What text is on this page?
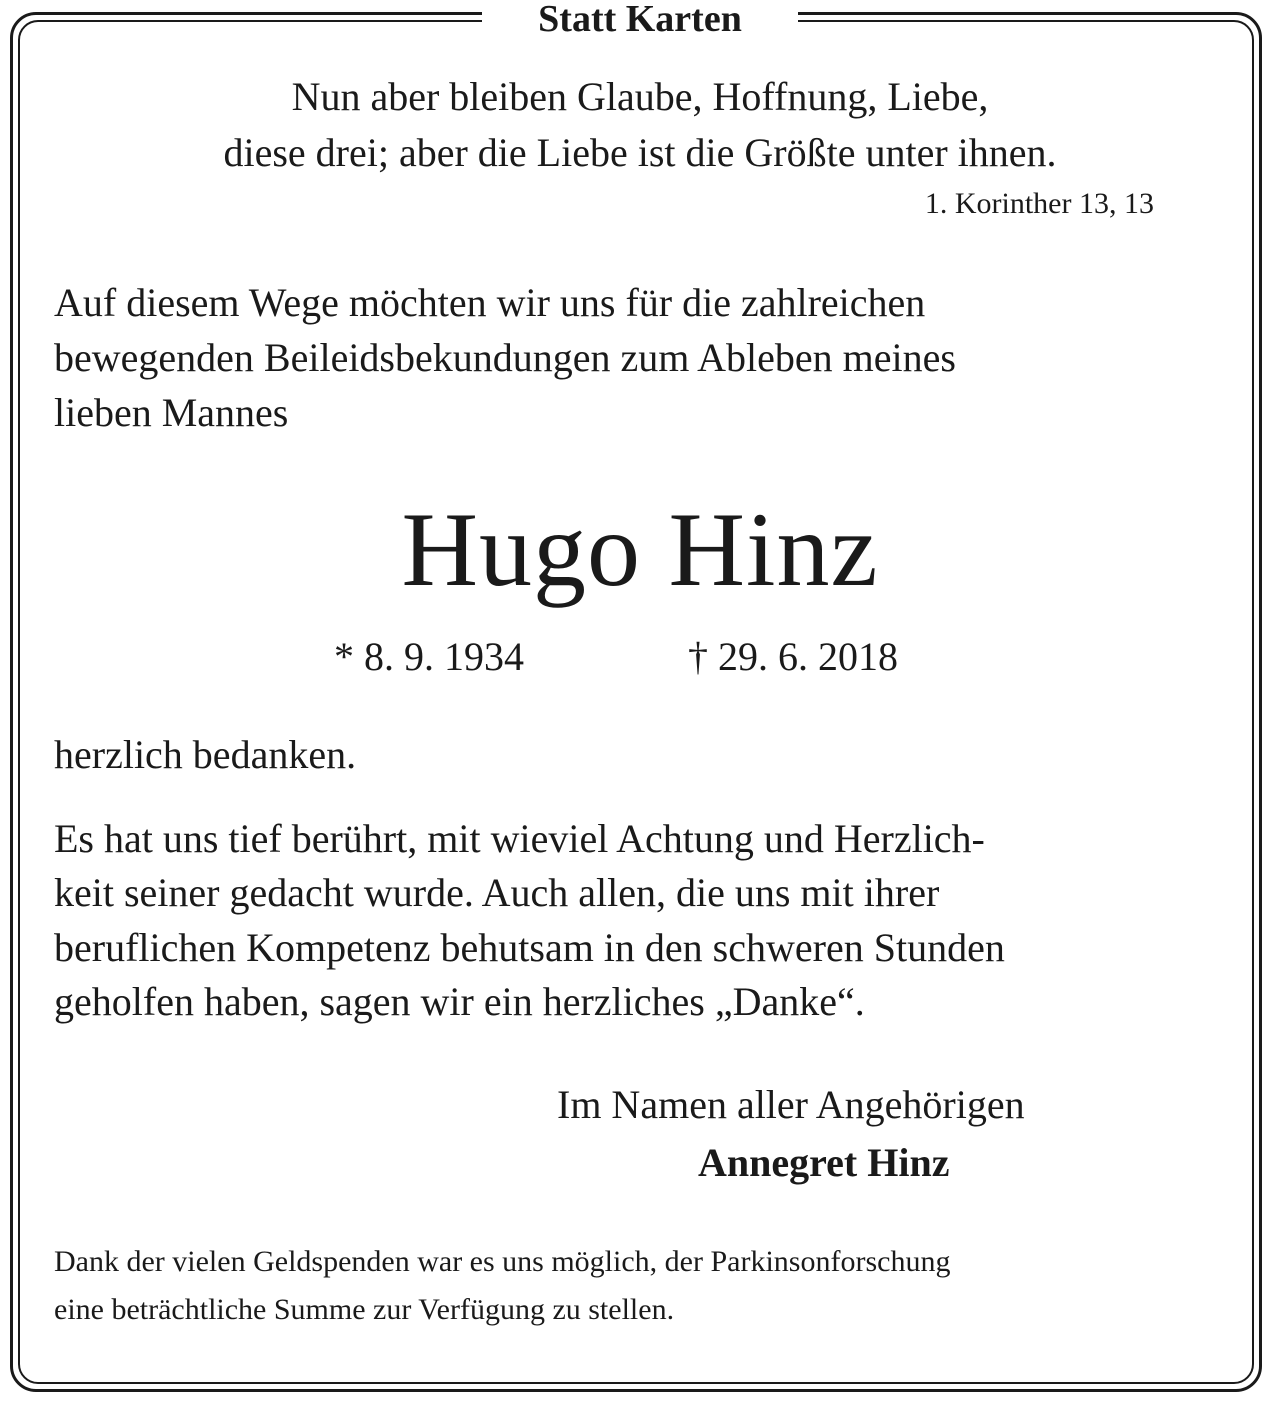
Statt Karten
Nun aber bleiben Glaube, Hoffnung, Liebe,
diese drei; aber die Liebe ist die Größte unter ihnen.
1. Korinther 13, 13
Auf diesem Wege möchten wir uns für die zahlreichen
bewegenden Beileidsbekundungen zum Ableben meines
lieben Mannes
Hugo Hinz
* 8. 9. 1934	† 29. 6. 2018
herzlich bedanken.
Es hat uns tief berührt, mit wieviel Achtung und Herzlich-
keit seiner gedacht wurde. Auch allen, die uns mit ihrer
beruflichen Kompetenz behutsam in den schweren Stunden
geholfen haben, sagen wir ein herzliches „Danke“.
Im Namen aller Angehörigen
Annegret Hinz
Dank der vielen Geldspenden war es uns möglich, der Parkinsonforschung
eine beträchtliche Summe zur Verfügung zu stellen.
